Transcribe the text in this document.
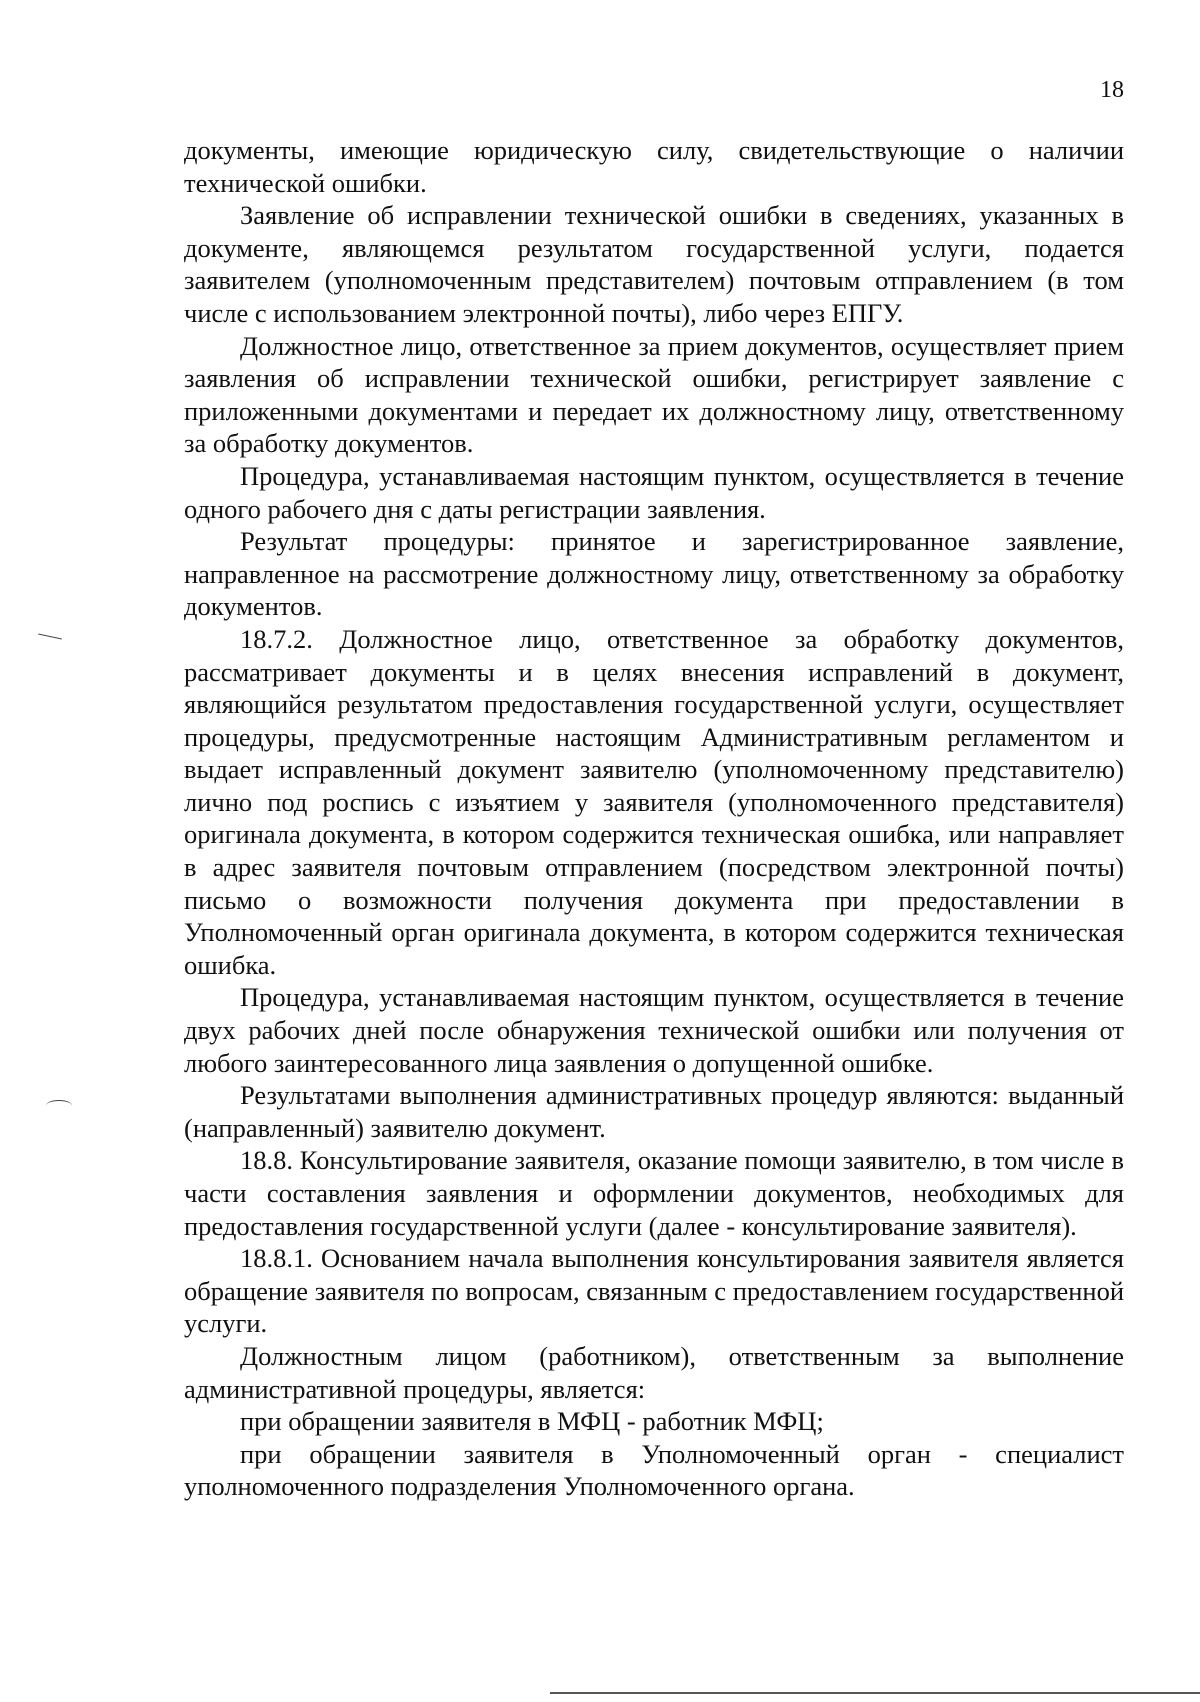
18

документы, имеющие юридическую силу, свидетельствующие о наличии технической ошибки.

Заявление об исправлении технической ошибки в сведениях, указанных в документе, являющемся результатом государственной услуги, подается заявителем (уполномоченным представителем) почтовым отправлением (в том числе с использованием электронной почты), либо через ЕПГУ.

Должностное лицо, ответственное за прием документов, осуществляет прием заявления об исправлении технической ошибки, регистрирует заявление с приложенными документами и передает их должностному лицу, ответственному за обработку документов.

Процедура, устанавливаемая настоящим пунктом, осуществляется в течение одного рабочего дня с даты регистрации заявления.

Результат процедуры: принятое и зарегистрированное заявление, направленное на рассмотрение должностному лицу, ответственному за обработку документов.

18.7.2. Должностное лицо, ответственное за обработку документов, рассматривает документы и в целях внесения исправлений в документ, являющийся результатом предоставления государственной услуги, осуществляет процедуры, предусмотренные настоящим Административным регламентом и выдает исправленный документ заявителю (уполномоченному представителю) лично под роспись с изъятием у заявителя (уполномоченного представителя) оригинала документа, в котором содержится техническая ошибка, или направляет в адрес заявителя почтовым отправлением (посредством электронной почты) письмо о возможности получения документа при предоставлении в Уполномоченный орган оригинала документа, в котором содержится техническая ошибка.

Процедура, устанавливаемая настоящим пунктом, осуществляется в течение двух рабочих дней после обнаружения технической ошибки или получения от любого заинтересованного лица заявления о допущенной ошибке.

Результатами выполнения административных процедур являются: выданный (направленный) заявителю документ.

18.8. Консультирование заявителя, оказание помощи заявителю, в том числе в части составления заявления и оформлении документов, необходимых для предоставления государственной услуги (далее - консультирование заявителя).

18.8.1. Основанием начала выполнения консультирования заявителя является обращение заявителя по вопросам, связанным с предоставлением государственной услуги.

Должностным лицом (работником), ответственным за выполнение административной процедуры, является:

при обращении заявителя в МФЦ - работник МФЦ;

при обращении заявителя в Уполномоченный орган - специалист уполномоченного подразделения Уполномоченного органа.
